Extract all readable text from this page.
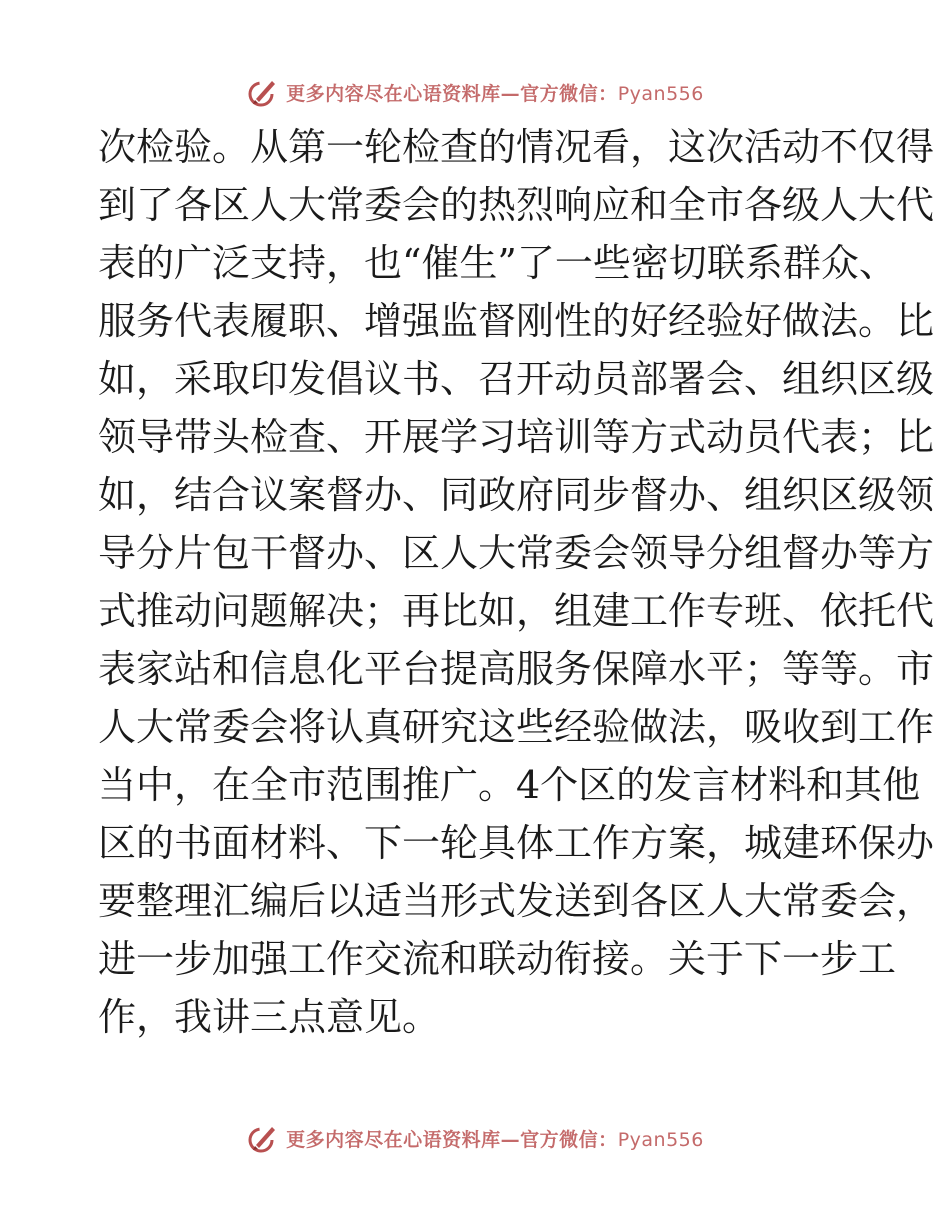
更多内容尽在心语资料库—官方微信：Pyan556
次检验。从第一轮检查的情况看，这次活动不仅得
到了各区人大常委会的热烈响应和全市各级人大代
表的广泛支持，也“催生”了一些密切联系群众、
服务代表履职、增强监督刚性的好经验好做法。比
如，采取印发倡议书、召开动员部署会、组织区级
领导带头检查、开展学习培训等方式动员代表；比
如，结合议案督办、同政府同步督办、组织区级领
导分片包干督办、区人大常委会领导分组督办等方
式推动问题解决；再比如，组建工作专班、依托代
表家站和信息化平台提高服务保障水平；等等。市
人大常委会将认真研究这些经验做法，吸收到工作
当中，在全市范围推广。4个区的发言材料和其他
区的书面材料、下一轮具体工作方案，城建环保办
要整理汇编后以适当形式发送到各区人大常委会，
进一步加强工作交流和联动衔接。关于下一步工
作，我讲三点意见。
更多内容尽在心语资料库—官方微信：Pyan556
